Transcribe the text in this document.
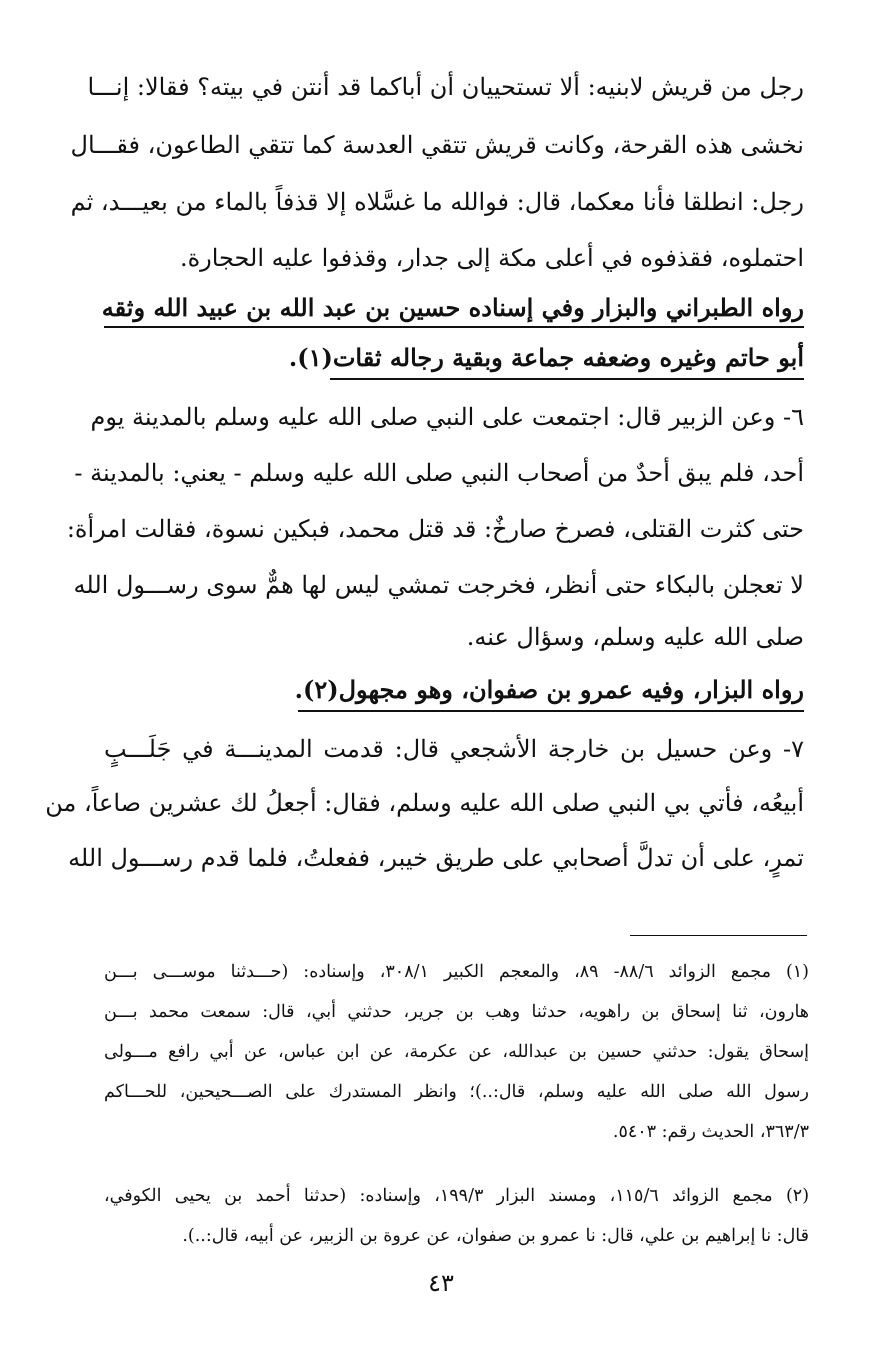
رجل من قريش لابنيه: ألا تستحييان أن أباكما قد أنتن في بيته؟ فقالا: إنـــا
نخشى هذه القرحة، وكانت قريش تتقي العدسة كما تتقي الطاعون، فقـــال
رجل: انطلقا فأنا معكما، قال: فوالله ما غسَّلاه إلا قذفاً بالماء من بعيـــد، ثم
احتملوه، فقذفوه في أعلى مكة إلى جدار، وقذفوا عليه الحجارة.
رواه الطبراني والبزار وفي إسناده حسين بن عبد الله بن عبيد الله وثقه
أبو حاتم وغيره وضعفه جماعة وبقية رجاله ثقات(١).
٦- وعن الزبير قال: اجتمعت على النبي صلى الله عليه وسلم بالمدينة يوم
أحد، فلم يبق أحدٌ من أصحاب النبي صلى الله عليه وسلم - يعني: بالمدينة -
حتى كثرت القتلى، فصرخ صارخٌ: قد قتل محمد، فبكين نسوة، فقالت امرأة:
لا تعجلن بالبكاء حتى أنظر، فخرجت تمشي ليس لها همٌّ سوى رســـول الله
صلى الله عليه وسلم، وسؤال عنه.
رواه البزار، وفيه عمرو بن صفوان، وهو مجهول(٢).
٧- وعن حسيل بن خارجة الأشجعي قال: قدمت المدينـــة في جَلَـــبٍ
أبيعُه، فأتي بي النبي صلى الله عليه وسلم، فقال: أجعلُ لك عشرين صاعاً، من
تمرٍ، على أن تدلَّ أصحابي على طريق خيبر، ففعلتُ، فلما قدم رســـول الله
(١) مجمع الزوائد ٨٨/٦- ٨٩، والمعجم الكبير ٣٠٨/١، وإسناده: (حـــدثنا موســـى بـــن
هارون، ثنا إسحاق بن راهويه، حدثنا وهب بن جرير، حدثني أبي، قال: سمعت محمد بـــن
إسحاق يقول: حدثني حسين بن عبدالله، عن عكرمة، عن ابن عباس، عن أبي رافع مـــولى
رسول الله صلى الله عليه وسلم، قال:..)؛ وانظر المستدرك على الصـــحيحين، للحـــاكم
٣٦٣/٣، الحديث رقم: ٥٤٠٣.
(٢) مجمع الزوائد ١١٥/٦، ومسند البزار ١٩٩/٣، وإسناده: (حدثنا أحمد بن يحيى الكوفي،
قال: نا إبراهيم بن علي، قال: نا عمرو بن صفوان، عن عروة بن الزبير، عن أبيه، قال:..).
٤٣
